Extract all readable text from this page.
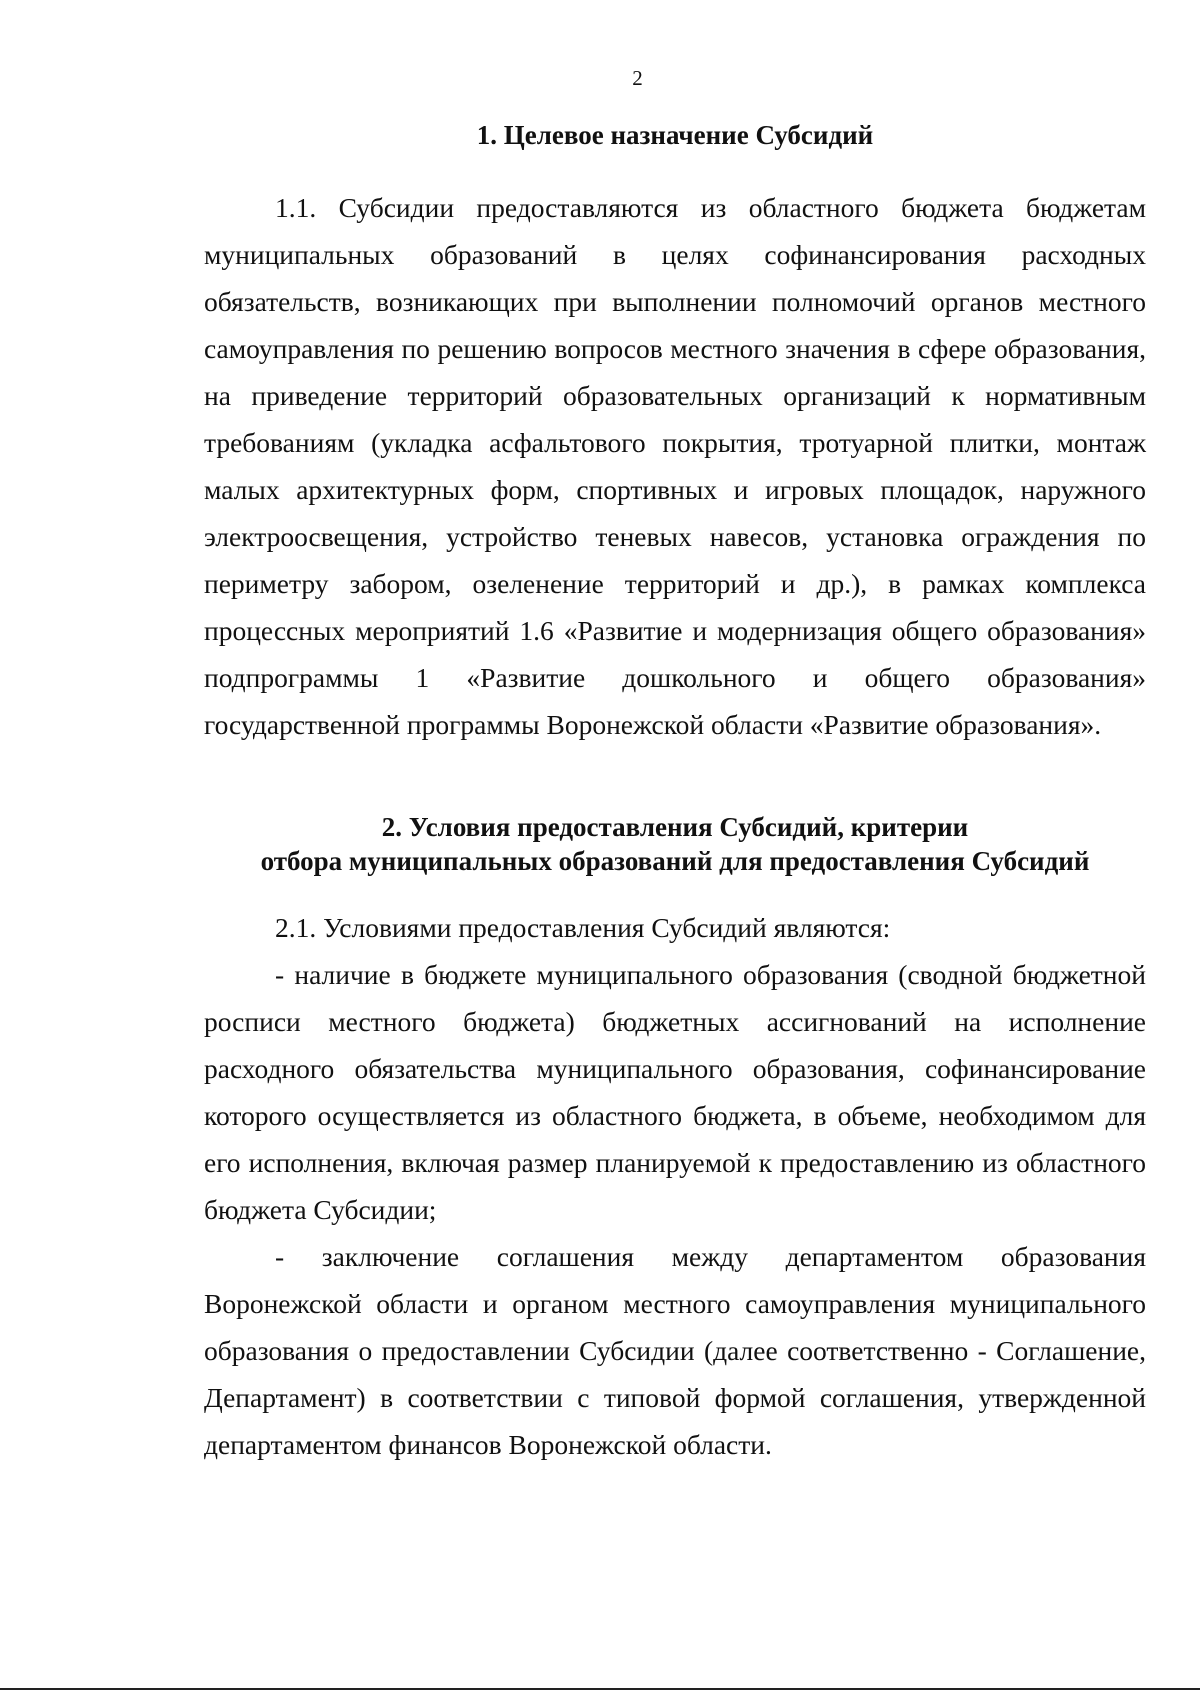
2
1. Целевое назначение Субсидий

1.1. Субсидии предоставляются из областного бюджета бюджетам муниципальных образований в целях софинансирования расходных обязательств, возникающих при выполнении полномочий органов местного самоуправления по решению вопросов местного значения в сфере образования, на приведение территорий образовательных организаций к нормативным требованиям (укладка асфальтового покрытия, тротуарной плитки, монтаж малых архитектурных форм, спортивных и игровых площадок, наружного электроосвещения, устройство теневых навесов, установка ограждения по периметру забором, озеленение территорий и др.), в рамках комплекса процессных мероприятий 1.6 «Развитие и модернизация общего образования» подпрограммы 1 «Развитие дошкольного и общего образования» государственной программы Воронежской области «Развитие образования».

2. Условия предоставления Субсидий, критерии
отбора муниципальных образований для предоставления Субсидий

2.1. Условиями предоставления Субсидий являются:

- наличие в бюджете муниципального образования (сводной бюджетной росписи местного бюджета) бюджетных ассигнований на исполнение расходного обязательства муниципального образования, софинансирование которого осуществляется из областного бюджета, в объеме, необходимом для его исполнения, включая размер планируемой к предоставлению из областного бюджета Субсидии;

- заключение соглашения между департаментом образования Воронежской области и органом местного самоуправления муниципального образования о предоставлении Субсидии (далее соответственно - Соглашение, Департамент) в соответствии с типовой формой соглашения, утвержденной департаментом финансов Воронежской области.
